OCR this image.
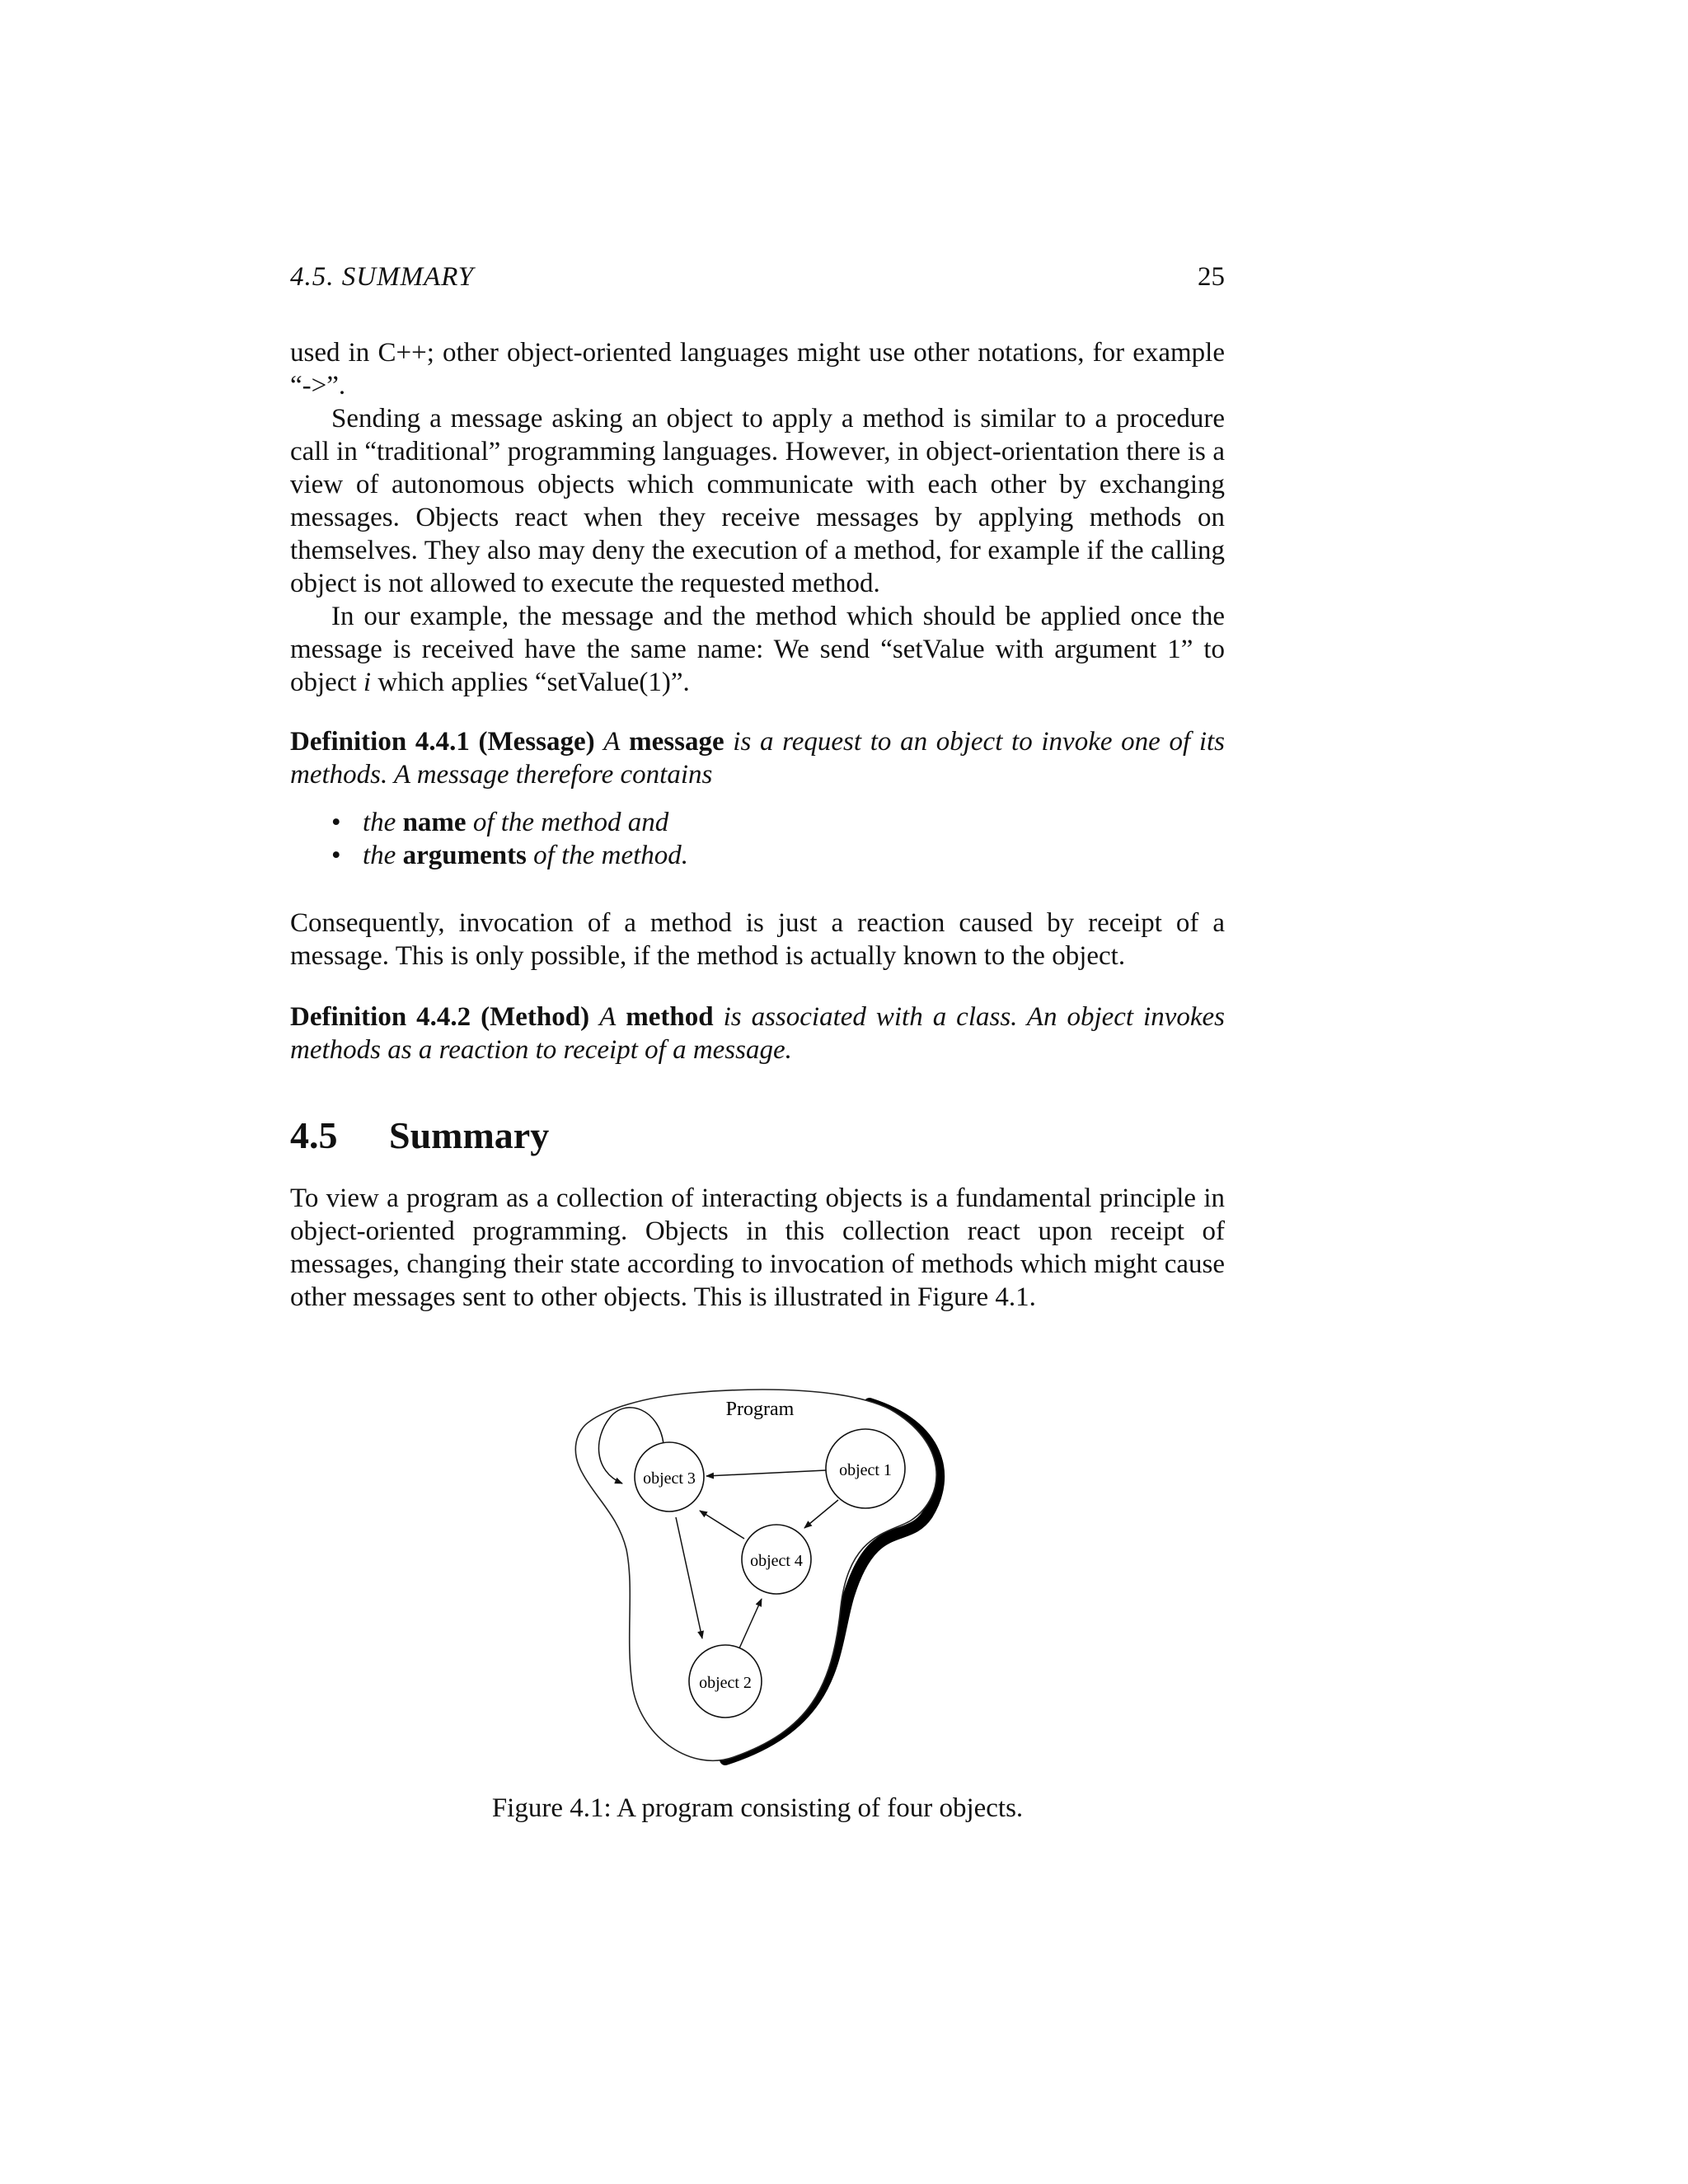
4.5. SUMMARY	25

used in C++; other object-oriented languages might use other notations, for example “->”.

Sending a message asking an object to apply a method is similar to a procedure call in “traditional” programming languages. However, in object-orientation there is a view of autonomous objects which communicate with each other by exchanging messages. Objects react when they receive messages by applying methods on themselves. They also may deny the execution of a method, for example if the calling object is not allowed to execute the requested method.

In our example, the message and the method which should be applied once the message is received have the same name: We send “setValue with argument 1” to object i which applies “setValue(1)”.

Definition 4.4.1 (Message) A message is a request to an object to invoke one of its methods. A message therefore contains

• the name of the method and
• the arguments of the method.

Consequently, invocation of a method is just a reaction caused by receipt of a message. This is only possible, if the method is actually known to the object.

Definition 4.4.2 (Method) A method is associated with a class. An object invokes methods as a reaction to receipt of a message.

4.5 Summary

To view a program as a collection of interacting objects is a fundamental principle in object-oriented programming. Objects in this collection react upon receipt of messages, changing their state according to invocation of methods which might cause other messages sent to other objects. This is illustrated in Figure 4.1.

Program
object 3	object 1
object 4
object 2
Figure 4.1: A program consisting of four objects.
